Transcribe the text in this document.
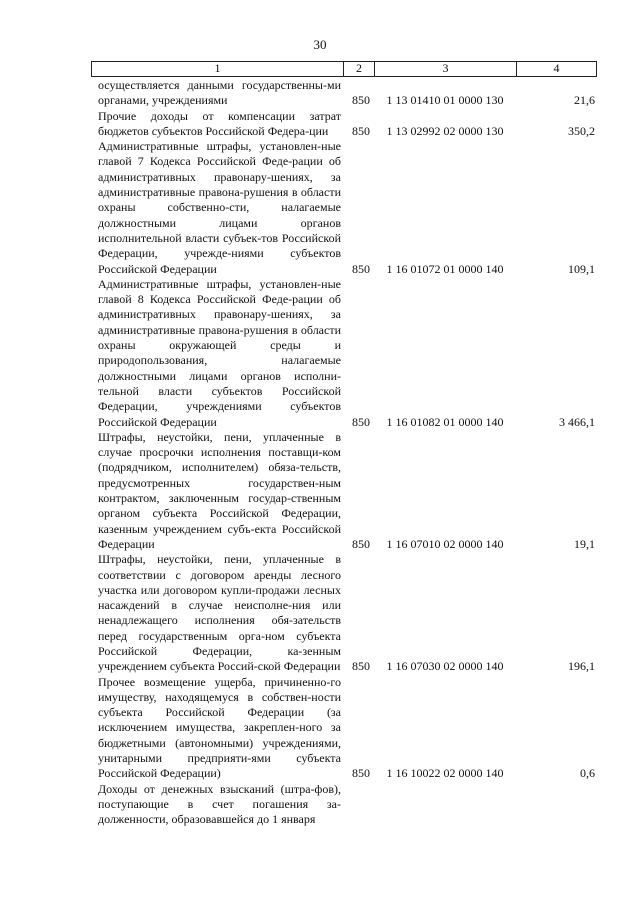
30
1	2	3	4
осуществляется данными государственны-ми органами, учреждениями	850	1 13 01410 01 0000 130	21,6
Прочие доходы от компенсации затрат бюджетов субъектов Российской Федера-ции	850	1 13 02992 02 0000 130	350,2
Административные штрафы, установлен-ные главой 7 Кодекса Российской Феде-рации об административных правонару-шениях, за административные правона-рушения в области охраны собственно-сти, налагаемые должностными лицами органов исполнительной власти субъек-тов Российской Федерации, учрежде-ниями субъектов Российской Федерации	850	1 16 01072 01 0000 140	109,1
Административные штрафы, установлен-ные главой 8 Кодекса Российской Феде-рации об административных правонару-шениях, за административные правона-рушения в области охраны окружающей среды и природопользования, налагаемые должностными лицами органов исполни-тельной власти субъектов Российской Федерации, учреждениями субъектов Российской Федерации	850	1 16 01082 01 0000 140	3 466,1
Штрафы, неустойки, пени, уплаченные в случае просрочки исполнения поставщи-ком (подрядчиком, исполнителем) обяза-тельств, предусмотренных государствен-ным контрактом, заключенным государ-ственным органом субъекта Российской Федерации, казенным учреждением субъ-екта Российской Федерации	850	1 16 07010 02 0000 140	19,1
Штрафы, неустойки, пени, уплаченные в соответствии с договором аренды лесного участка или договором купли-продажи лесных насаждений в случае неисполне-ния или ненадлежащего исполнения обя-зательств перед государственным орга-ном субъекта Российской Федерации, ка-зенным учреждением субъекта Россий-ской Федерации 850	1 16 07030 02 0000 140	196,1
Прочее возмещение ущерба, причиненно-го имуществу, находящемуся в собствен-ности субъекта Российской Федерации (за исключением имущества, закреплен-ного за бюджетными (автономными) учреждениями, унитарными предприяти-ями субъекта Российской Федерации)	850	1 16 10022 02 0000 140	0,6
Доходы от денежных взысканий (штра-фов), поступающие в счет погашения за-долженности, образовавшейся до 1 января
